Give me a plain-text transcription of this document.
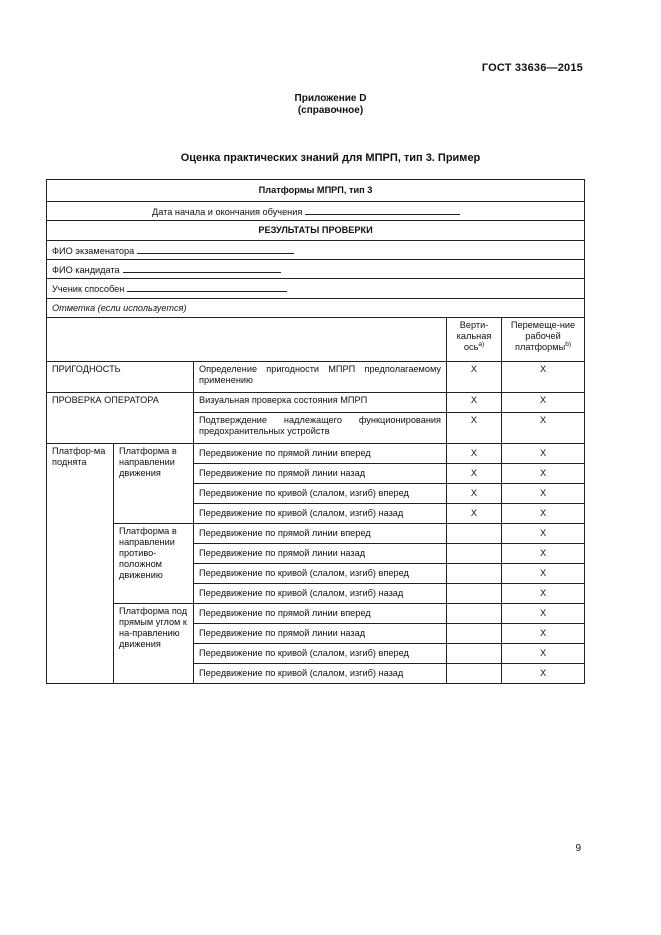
ГОСТ 33636—2015
Приложение D
(справочное)
Оценка практических знаний для МПРП, тип 3. Пример
Платформы МПРП, тип 3				
Дата начала и окончания обучения				
РЕЗУЛЬТАТЫ ПРОВЕРКИ				
ФИО экзаменатора				
ФИО кандидата				
Ученик способен				
Отметка (если используется)				
			Верти-кальная ось$^{a)}$	Перемеще-ние рабочей платформы$^{b)}$
ПРИГОДНОСТЬ		Определение пригодности МПРП предполагаемому применению	X	X
ПРОВЕРКА ОПЕРАТОРА		Визуальная проверка состояния МПРП	X	X
		Подтверждение надлежащего функционирования предохранительных устройств	X	X
Платфор-ма поднята	Платформа в направлении движения	Передвижение по прямой линии вперед	X	X
		Передвижение по прямой линии назад	X	X
		Передвижение по кривой (слалом, изгиб) вперед	X	X
		Передвижение по кривой (слалом, изгиб) назад	X	X
	Платформа в направлении противо-положном движению	Передвижение по прямой линии вперед		X
		Передвижение по прямой линии назад		X
		Передвижение по кривой (слалом, изгиб) вперед		X
		Передвижение по кривой (слалом, изгиб) назад		X
	Платформа под прямым углом к на-правлению движения	Передвижение по прямой линии вперед		X
		Передвижение по прямой линии назад		X
		Передвижение по кривой (слалом, изгиб) вперед		X
		Передвижение по кривой (слалом, изгиб) назад		X
9
